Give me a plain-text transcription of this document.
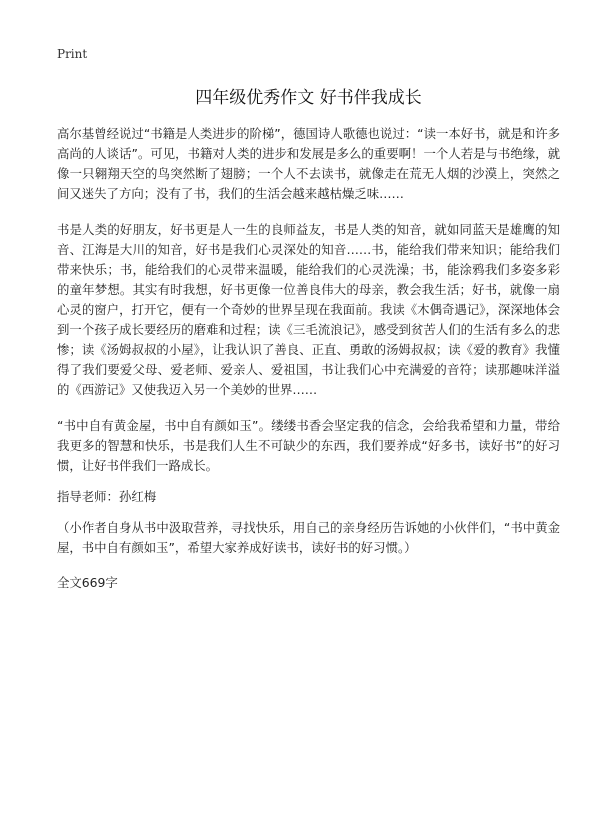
Print
四年级优秀作文 好书伴我成长

高尔基曾经说过“书籍是人类进步的阶梯”，德国诗人歌德也说过：“读一本好书，就是和许多高尚的人谈话”。可见，书籍对人类的进步和发展是多么的重要啊！一个人若是与书绝缘，就像一只翱翔天空的鸟突然断了翅膀；一个人不去读书，就像走在荒无人烟的沙漠上，突然之间又迷失了方向；没有了书，我们的生活会越来越枯燥乏味……

书是人类的好朋友，好书更是人一生的良师益友，书是人类的知音，就如同蓝天是雄鹰的知音、江海是大川的知音，好书是我们心灵深处的知音……书，能给我们带来知识；能给我们带来快乐；书，能给我们的心灵带来温暖，能给我们的心灵洗澡；书，能涂鸦我们多姿多彩的童年梦想。其实有时我想，好书更像一位善良伟大的母亲，教会我生活；好书，就像一扇心灵的窗户，打开它，便有一个奇妙的世界呈现在我面前。我读《木偶奇遇记》，深深地体会到一个孩子成长要经历的磨难和过程；读《三毛流浪记》，感受到贫苦人们的生活有多么的悲惨；读《汤姆叔叔的小屋》，让我认识了善良、正直、勇敢的汤姆叔叔；读《爱的教育》我懂得了我们要爱父母、爱老师、爱亲人、爱祖国，书让我们心中充满爱的音符；读那趣味洋溢的《西游记》又使我迈入另一个美妙的世界……

“书中自有黄金屋，书中自有颜如玉”。缕缕书香会坚定我的信念，会给我希望和力量，带给我更多的智慧和快乐，书是我们人生不可缺少的东西，我们要养成“好多书，读好书”的好习惯，让好书伴我们一路成长。

指导老师：孙红梅

（小作者自身从书中汲取营养，寻找快乐，用自己的亲身经历告诉她的小伙伴们，“书中黄金屋，书中自有颜如玉”，希望大家养成好读书，读好书的好习惯。）

全文669字
